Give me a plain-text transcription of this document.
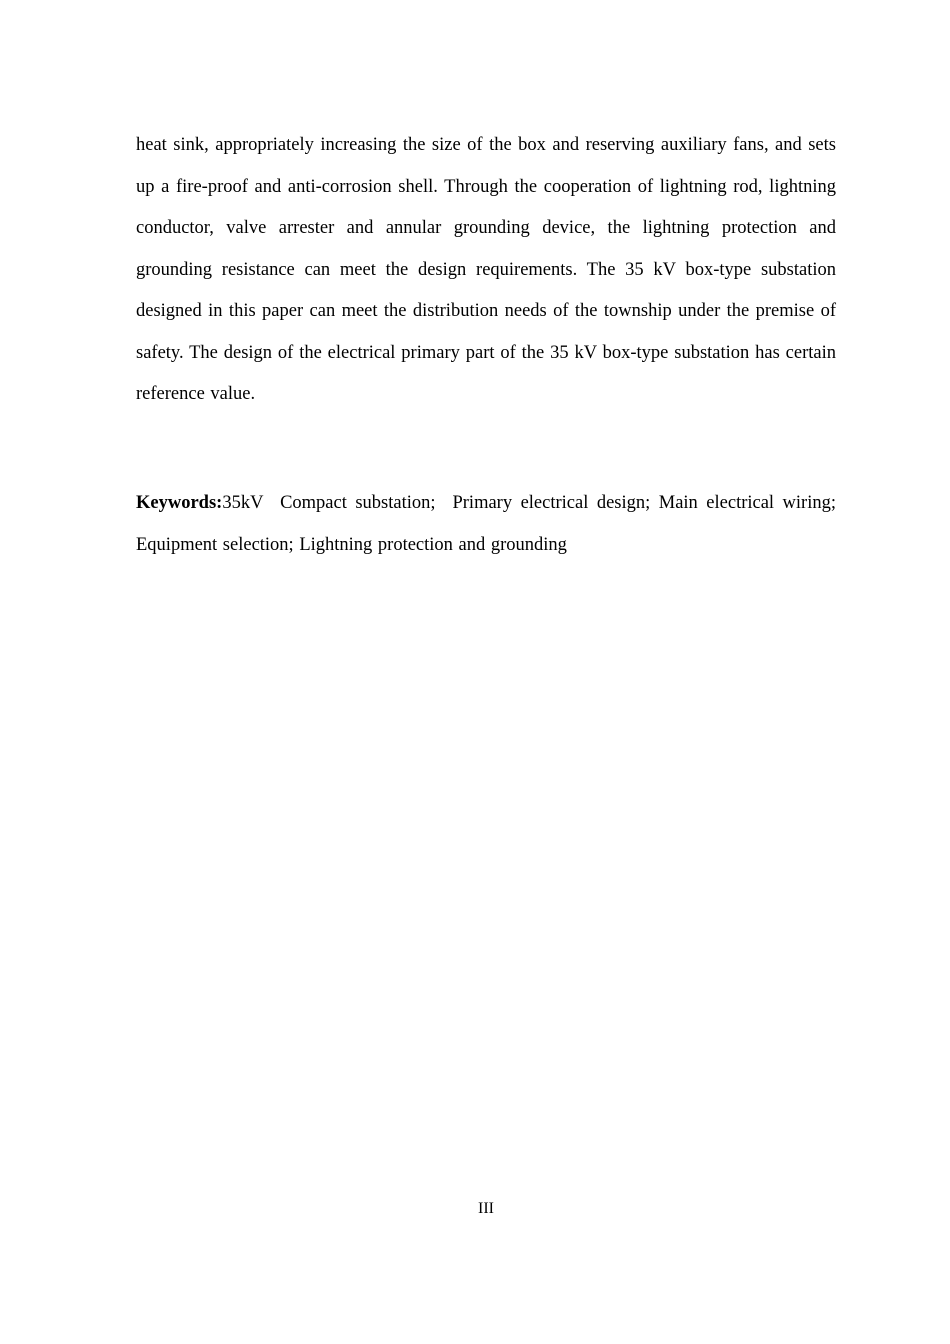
heat sink, appropriately increasing the size of the box and reserving auxiliary fans, and sets up a fire-proof and anti-corrosion shell. Through the cooperation of lightning rod, lightning conductor, valve arrester and annular grounding device, the lightning protection and grounding resistance can meet the design requirements. The 35 kV box-type substation designed in this paper can meet the distribution needs of the township under the premise of safety. The design of the electrical primary part of the 35 kV box-type substation has certain reference value.

Keywords:35kV  Compact substation;  Primary electrical design; Main electrical wiring; Equipment selection; Lightning protection and grounding

III
